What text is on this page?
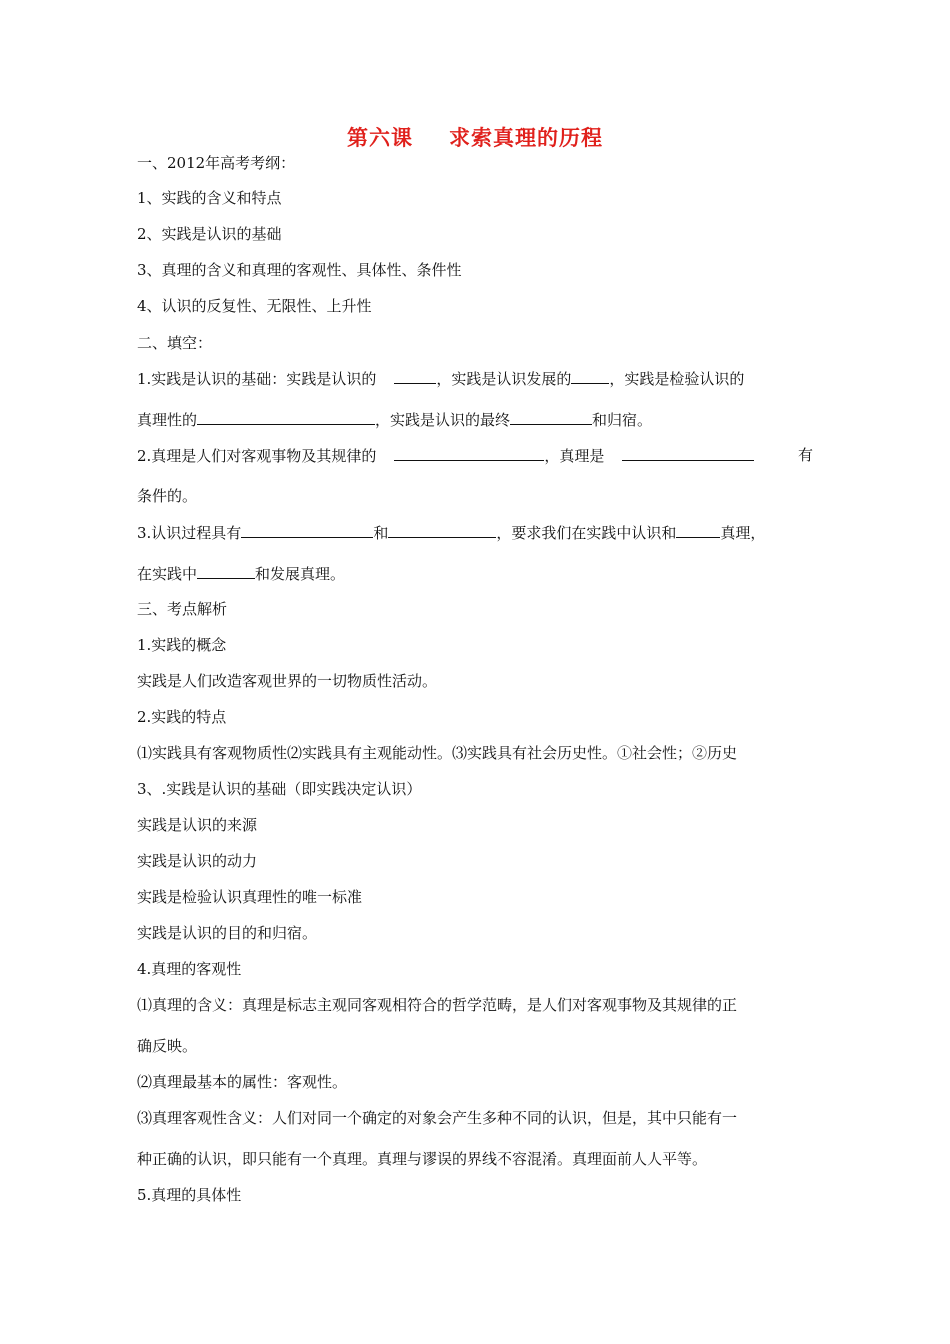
第六课 求索真理的历程
一、2012年高考考纲：
1、实践的含义和特点
2、实践是认识的基础
3、真理的含义和真理的客观性、具体性、条件性
4、认识的反复性、无限性、上升性
二、填空：
1.实践是认识的基础：实践是认识的	，实践是认识发展的	，实践是检验认识的
真理性的	，实践是认识的最终	和归宿。
2.真理是人们对客观事物及其规律的	，真理是	有
条件的。
3.认识过程具有	和	，要求我们在实践中认识和	真理，
在实践中	和发展真理。
三、考点解析
1.实践的概念
实践是人们改造客观世界的一切物质性活动。
2.实践的特点
⑴实践具有客观物质性⑵实践具有主观能动性。⑶实践具有社会历史性。①社会性；②历史
3、.实践是认识的基础（即实践决定认识）
实践是认识的来源
实践是认识的动力
实践是检验认识真理性的唯一标准
实践是认识的目的和归宿。
4.真理的客观性
⑴真理的含义：真理是标志主观同客观相符合的哲学范畴，是人们对客观事物及其规律的正
确反映。
⑵真理最基本的属性：客观性。
⑶真理客观性含义：人们对同一个确定的对象会产生多种不同的认识，但是，其中只能有一
种正确的认识，即只能有一个真理。真理与谬误的界线不容混淆。真理面前人人平等。
5.真理的具体性
